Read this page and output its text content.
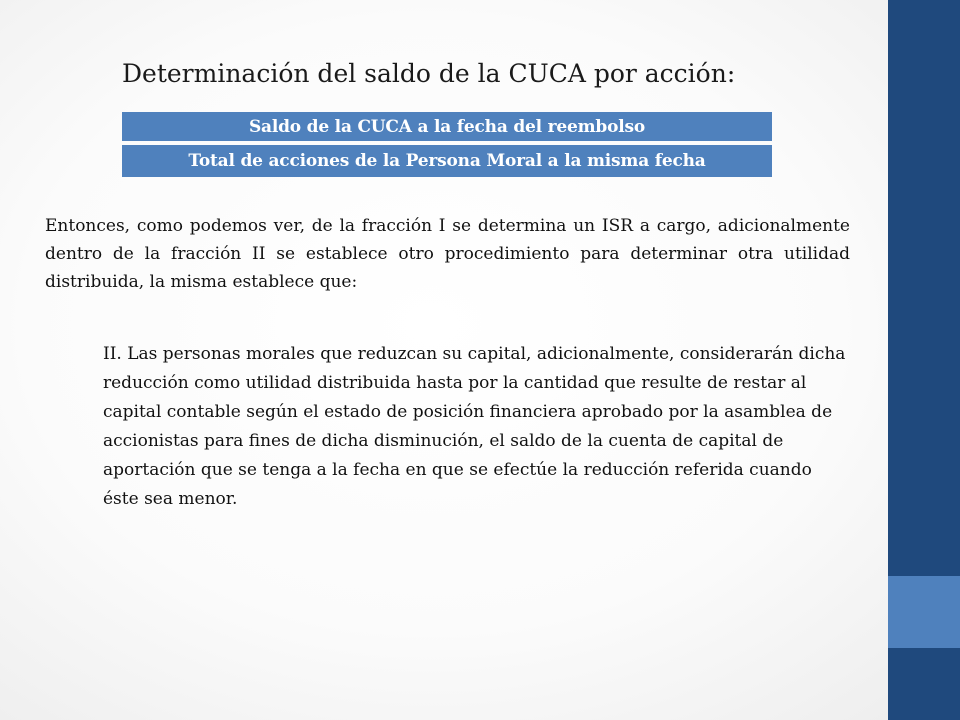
Determinación del saldo de la CUCA por acción:
Saldo de la CUCA a la fecha del reembolso
Total de acciones de la Persona Moral a la misma fecha
Entonces, como podemos ver, de la fracción I se determina un ISR a cargo, adicionalmente dentro de la fracción II se establece otro procedimiento para determinar otra utilidad distribuida, la misma establece que:
II. Las personas morales que reduzcan su capital, adicionalmente, considerarán dicha reducción como utilidad distribuida hasta por la cantidad que resulte de restar al capital contable según el estado de posición financiera aprobado por la asamblea de accionistas para fines de dicha disminución, el saldo de la cuenta de capital de aportación que se tenga a la fecha en que se efectúe la reducción referida cuando éste sea menor.
